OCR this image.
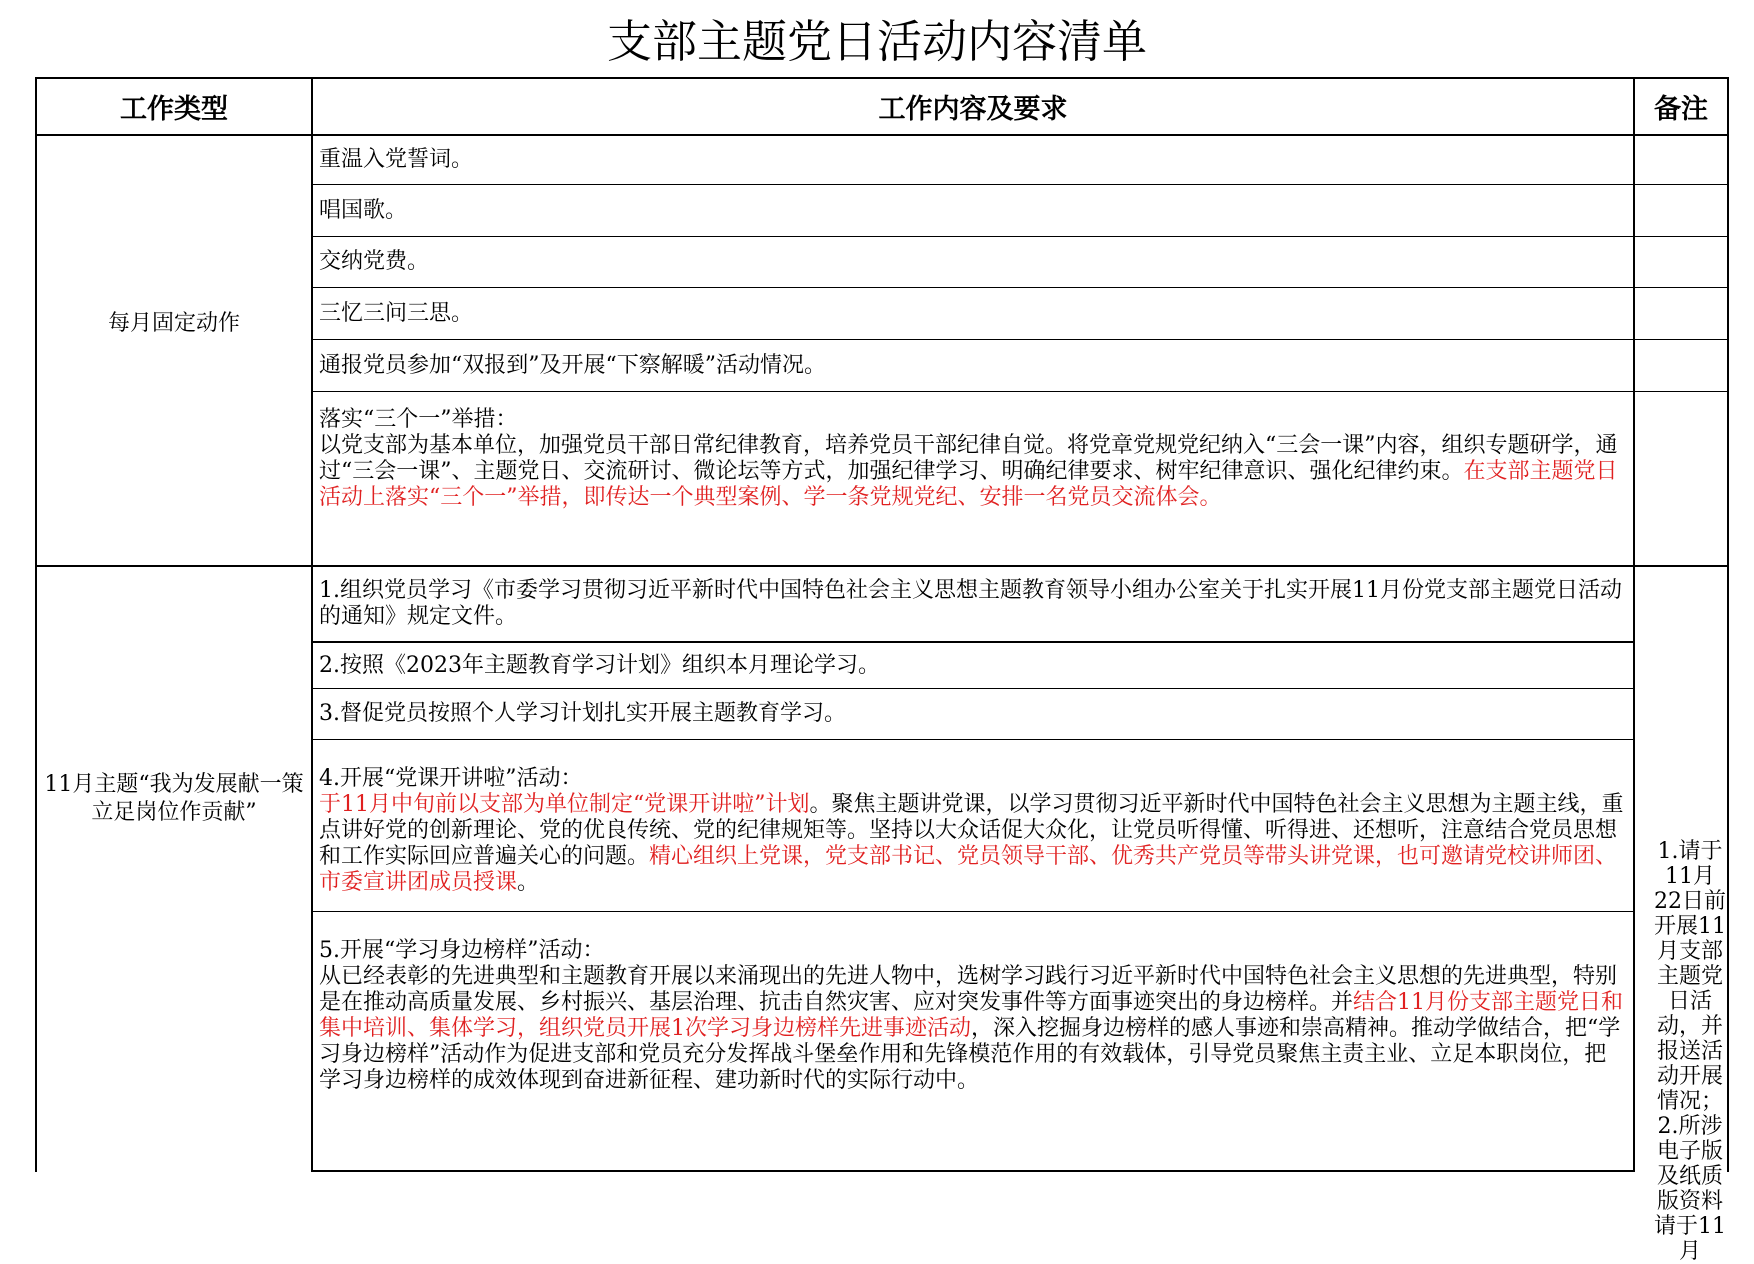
支部主题党日活动内容清单
工作类型	工作内容及要求	备注
每月固定动作
重温入党誓词。
唱国歌。
交纳党费。
三忆三问三思。
通报党员参加“双报到”及开展“下察解暖”活动情况。
落实“三个一”举措：
以党支部为基本单位，加强党员干部日常纪律教育，培养党员干部纪律自觉。将党章党规党纪纳入“三会一课”内容，组织专题研学，通过“三会一课”、主题党日、交流研讨、微论坛等方式，加强纪律学习、明确纪律要求、树牢纪律意识、强化纪律约束。在支部主题党日活动上落实“三个一”举措，即传达一个典型案例、学一条党规党纪、安排一名党员交流体会。
11月主题“我为发展献一策 立足岗位作贡献”
1.组织党员学习《市委学习贯彻习近平新时代中国特色社会主义思想主题教育领导小组办公室关于扎实开展11月份党支部主题党日活动的通知》规定文件。
2.按照《2023年主题教育学习计划》组织本月理论学习。
3.督促党员按照个人学习计划扎实开展主题教育学习。
4.开展“党课开讲啦”活动：
于11月中旬前以支部为单位制定“党课开讲啦”计划。聚焦主题讲党课，以学习贯彻习近平新时代中国特色社会主义思想为主题主线，重点讲好党的创新理论、党的优良传统、党的纪律规矩等。坚持以大众话促大众化，让党员听得懂、听得进、还想听，注意结合党员思想和工作实际回应普遍关心的问题。精心组织上党课，党支部书记、党员领导干部、优秀共产党员等带头讲党课，也可邀请党校讲师团、市委宣讲团成员授课。
5.开展“学习身边榜样”活动：
从已经表彰的先进典型和主题教育开展以来涌现出的先进人物中，选树学习践行习近平新时代中国特色社会主义思想的先进典型，特别是在推动高质量发展、乡村振兴、基层治理、抗击自然灾害、应对突发事件等方面事迹突出的身边榜样。并结合11月份支部主题党日和集中培训、集体学习，组织党员开展1次学习身边榜样先进事迹活动，深入挖掘身边榜样的感人事迹和崇高精神。推动学做结合，把“学习身边榜样”活动作为促进支部和党员充分发挥战斗堡垒作用和先锋模范作用的有效载体，引导党员聚焦主责主业、立足本职岗位，把学习身边榜样的成效体现到奋进新征程、建功新时代的实际行动中。
1.请于11月22日前开展11月支部主题党日活动，并报送活动开展情况；2.所涉电子版及纸质版资料请于11月
